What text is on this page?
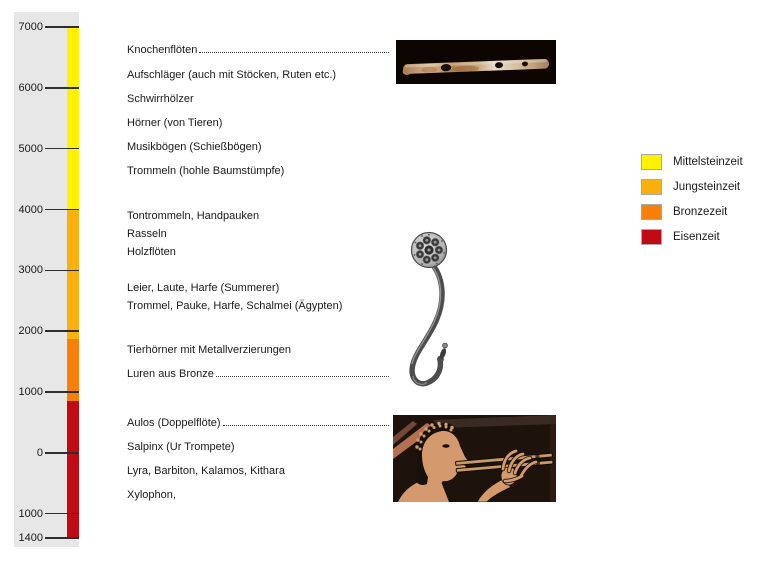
7000
6000
5000
4000
3000
2000
1000
0
1000
1400
Knochenflöten
Aufschläger (auch mit Stöcken, Ruten etc.)
Schwirrhölzer
Hörner (von Tieren)
Musikbögen (Schießbögen)
Trommeln (hohle Baumstümpfe)
Tontrommeln, Handpauken
Rasseln
Holzflöten
Leier, Laute, Harfe (Summerer)
Trommel, Pauke, Harfe, Schalmei (Ägypten)
Tierhörner mit Metallverzierungen
Luren aus Bronze
Aulos (Doppelflöte)
Salpinx (Ur Trompete)
Lyra, Barbiton, Kalamos, Kithara
Xylophon,
Mittelsteinzeit
Jungsteinzeit
Bronzezeit
Eisenzeit
